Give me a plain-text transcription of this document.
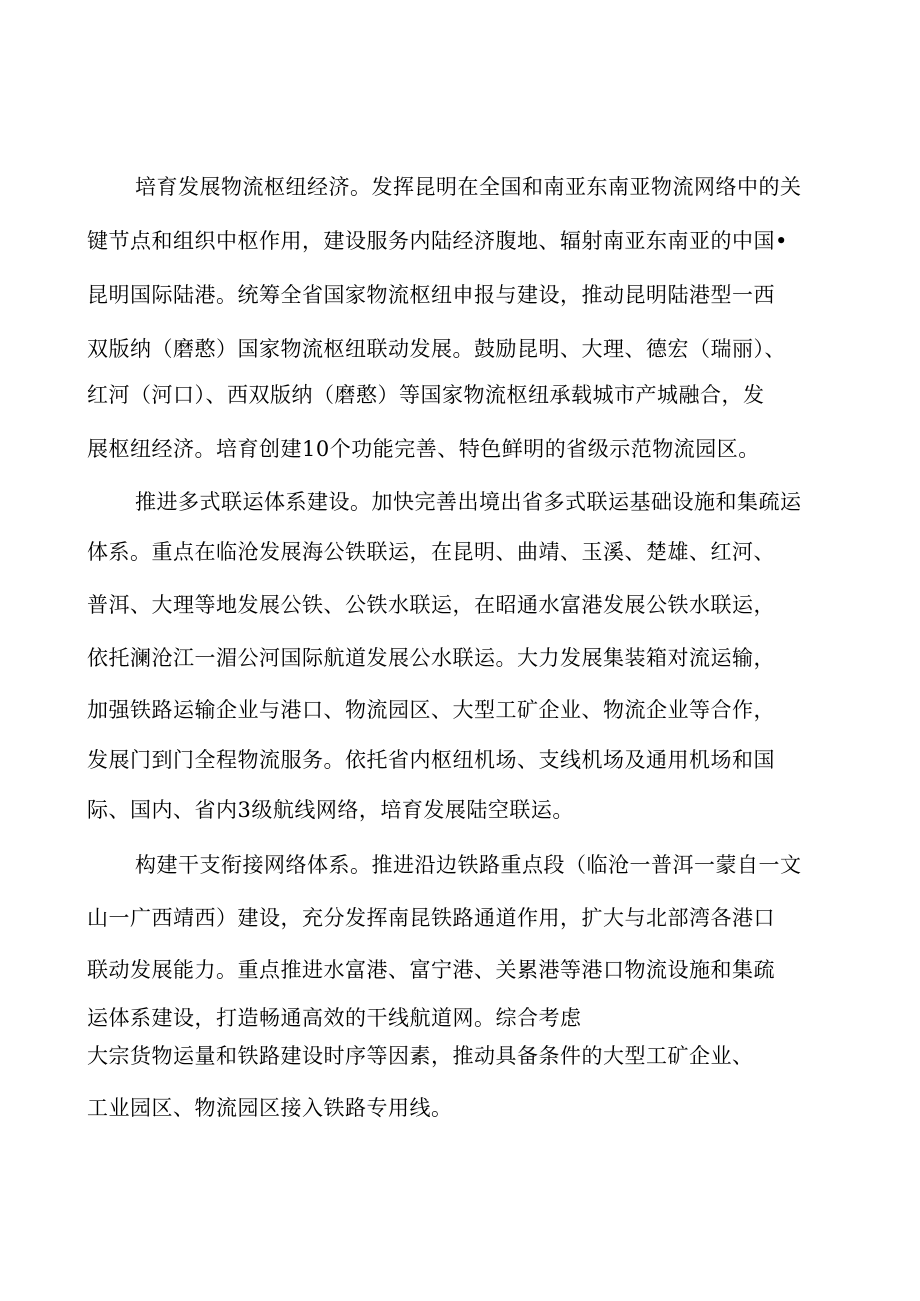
培育发展物流枢纽经济。发挥昆明在全国和南亚东南亚物流网络中的关
键节点和组织中枢作用，建设服务内陆经济腹地、辐射南亚东南亚的中国•
昆明国际陆港。统筹全省国家物流枢纽申报与建设，推动昆明陆港型一西
双版纳（磨憨）国家物流枢纽联动发展。鼓励昆明、大理、德宏（瑞丽）、
红河（河口）、西双版纳（磨憨）等国家物流枢纽承载城市产城融合，发
展枢纽经济。培育创建10个功能完善、特色鲜明的省级示范物流园区。
推进多式联运体系建设。加快完善出境出省多式联运基础设施和集疏运
体系。重点在临沧发展海公铁联运，在昆明、曲靖、玉溪、楚雄、红河、
普洱、大理等地发展公铁、公铁水联运，在昭通水富港发展公铁水联运，
依托澜沧江一湄公河国际航道发展公水联运。大力发展集装箱对流运输，
加强铁路运输企业与港口、物流园区、大型工矿企业、物流企业等合作，
发展门到门全程物流服务。依托省内枢纽机场、支线机场及通用机场和国
际、国内、省内3级航线网络，培育发展陆空联运。
构建干支衔接网络体系。推进沿边铁路重点段（临沧一普洱一蒙自一文
山一广西靖西）建设，充分发挥南昆铁路通道作用，扩大与北部湾各港口
联动发展能力。重点推进水富港、富宁港、关累港等港口物流设施和集疏
运体系建设，打造畅通高效的干线航道网。综合考虑
大宗货物运量和铁路建设时序等因素，推动具备条件的大型工矿企业、
工业园区、物流园区接入铁路专用线。
